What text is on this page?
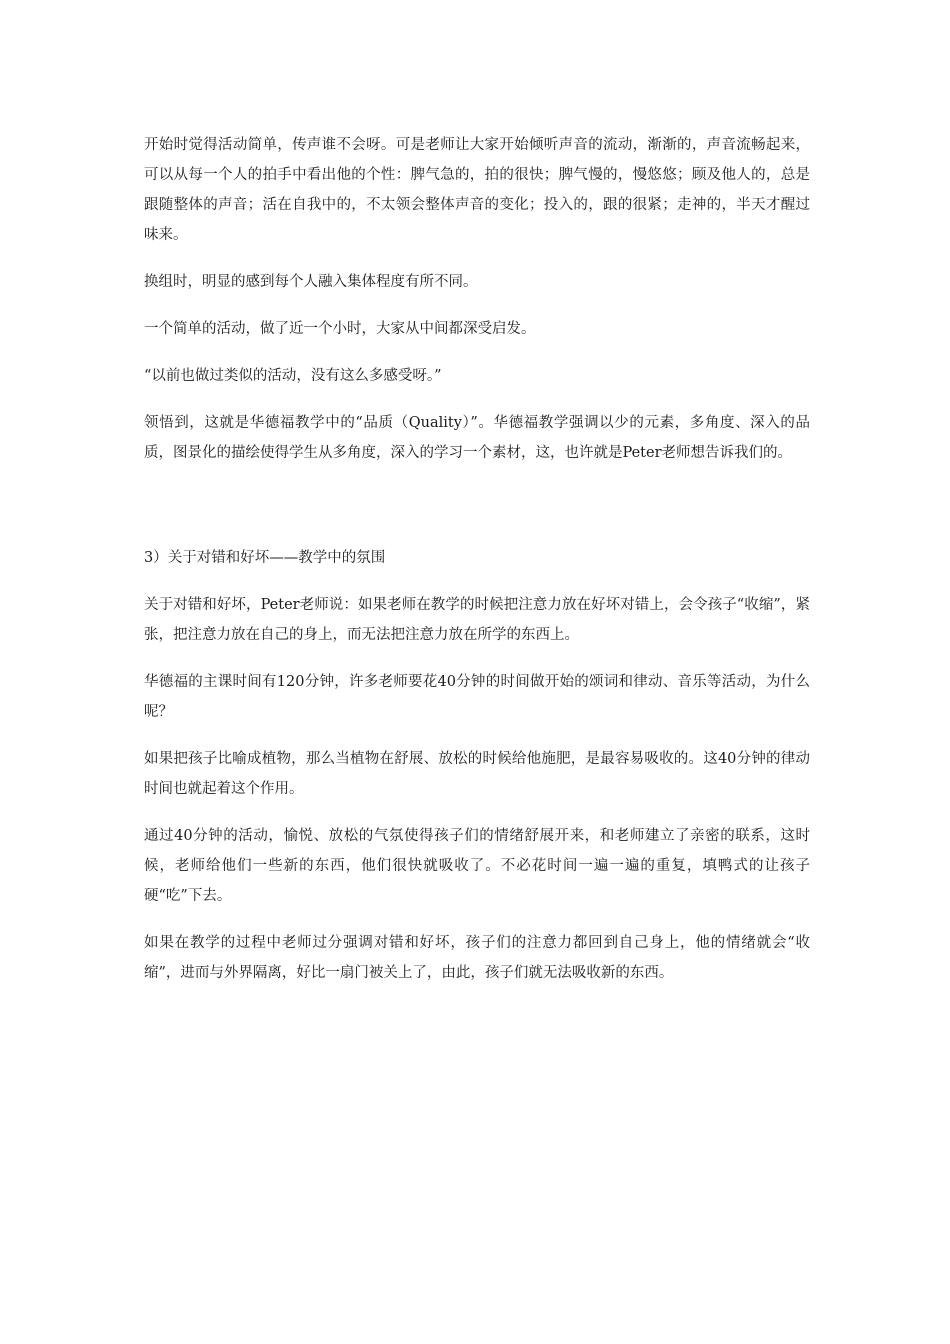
开始时觉得活动简单，传声谁不会呀。可是老师让大家开始倾听声音的流动，渐渐的，声音流畅起来，可以从每一个人的拍手中看出他的个性：脾气急的，拍的很快；脾气慢的，慢悠悠；顾及他人的，总是跟随整体的声音；活在自我中的，不太领会整体声音的变化；投入的，跟的很紧；走神的，半天才醒过味来。

换组时，明显的感到每个人融入集体程度有所不同。

一个简单的活动，做了近一个小时，大家从中间都深受启发。

“以前也做过类似的活动，没有这么多感受呀。”

领悟到，这就是华德福教学中的“品质（Quality）”。华德福教学强调以少的元素，多角度、深入的品质，图景化的描绘使得学生从多角度，深入的学习一个素材，这，也许就是Peter老师想告诉我们的。

3）关于对错和好坏——教学中的氛围

关于对错和好坏，Peter老师说：如果老师在教学的时候把注意力放在好坏对错上，会令孩子“收缩”，紧张，把注意力放在自己的身上，而无法把注意力放在所学的东西上。

华德福的主课时间有120分钟，许多老师要花40分钟的时间做开始的颂词和律动、音乐等活动，为什么呢？

如果把孩子比喻成植物，那么当植物在舒展、放松的时候给他施肥，是最容易吸收的。这40分钟的律动时间也就起着这个作用。

通过40分钟的活动，愉悦、放松的气氛使得孩子们的情绪舒展开来，和老师建立了亲密的联系，这时候，老师给他们一些新的东西，他们很快就吸收了。不必花时间一遍一遍的重复，填鸭式的让孩子硬“吃”下去。

如果在教学的过程中老师过分强调对错和好坏，孩子们的注意力都回到自己身上，他的情绪就会“收缩”，进而与外界隔离，好比一扇门被关上了，由此，孩子们就无法吸收新的东西。
